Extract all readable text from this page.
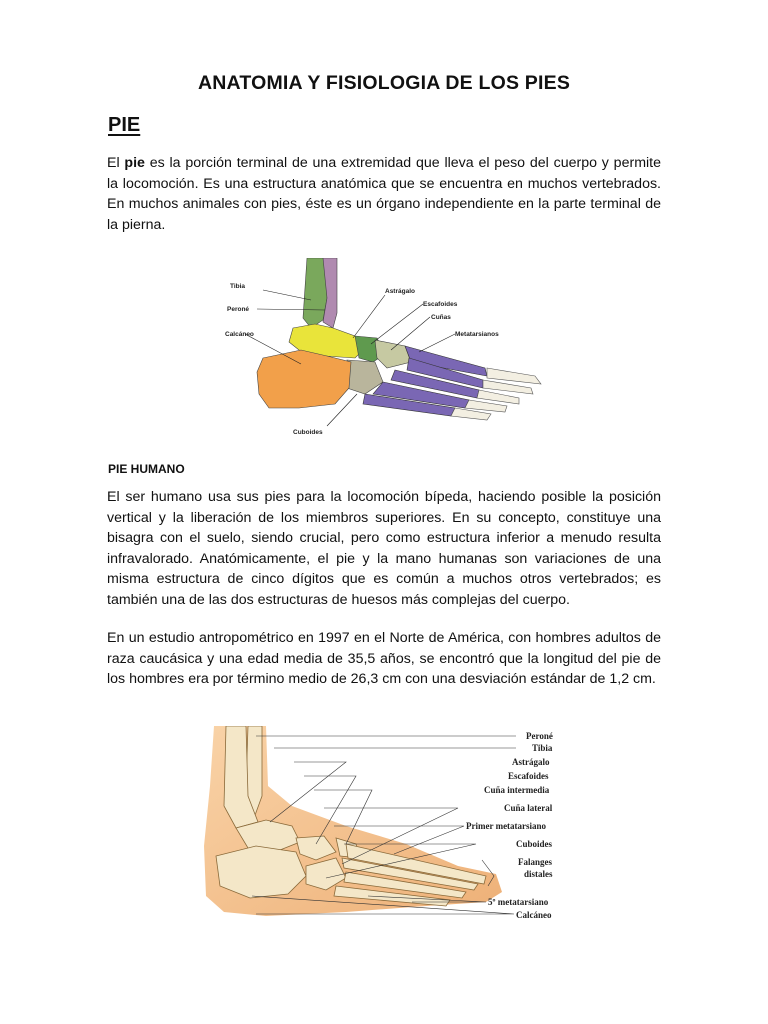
ANATOMIA Y FISIOLOGIA DE LOS PIES
PIE

El pie es la porción terminal de una extremidad que lleva el peso del cuerpo y permite la locomoción. Es una estructura anatómica que se encuentra en muchos vertebrados. En muchos animales con pies, éste es un órgano independiente en la parte terminal de la pierna.

Tibia
Peroné
Calcáneo
Astrágalo
Escafoides
Cuñas
Metatarsianos
Cuboides
PIE HUMANO

El ser humano usa sus pies para la locomoción bípeda, haciendo posible la posición vertical y la liberación de los miembros superiores. En su concepto, constituye una bisagra con el suelo, siendo crucial, pero como estructura inferior a menudo resulta infravalorado. Anatómicamente, el pie y la mano humanas son variaciones de una misma estructura de cinco dígitos que es común a muchos otros vertebrados; es también una de las dos estructuras de huesos más complejas del cuerpo.

En un estudio antropométrico en 1997 en el Norte de América, con hombres adultos de raza caucásica y una edad media de 35,5 años, se encontró que la longitud del pie de los hombres era por término medio de 26,3 cm con una desviación estándar de 1,2 cm.

Peroné
Tibia
Astrágalo
Escafoides
Cuña intermedia
Cuña lateral
Primer metatarsiano
Cuboides
Falanges
distales
5º metatarsiano
Calcáneo
